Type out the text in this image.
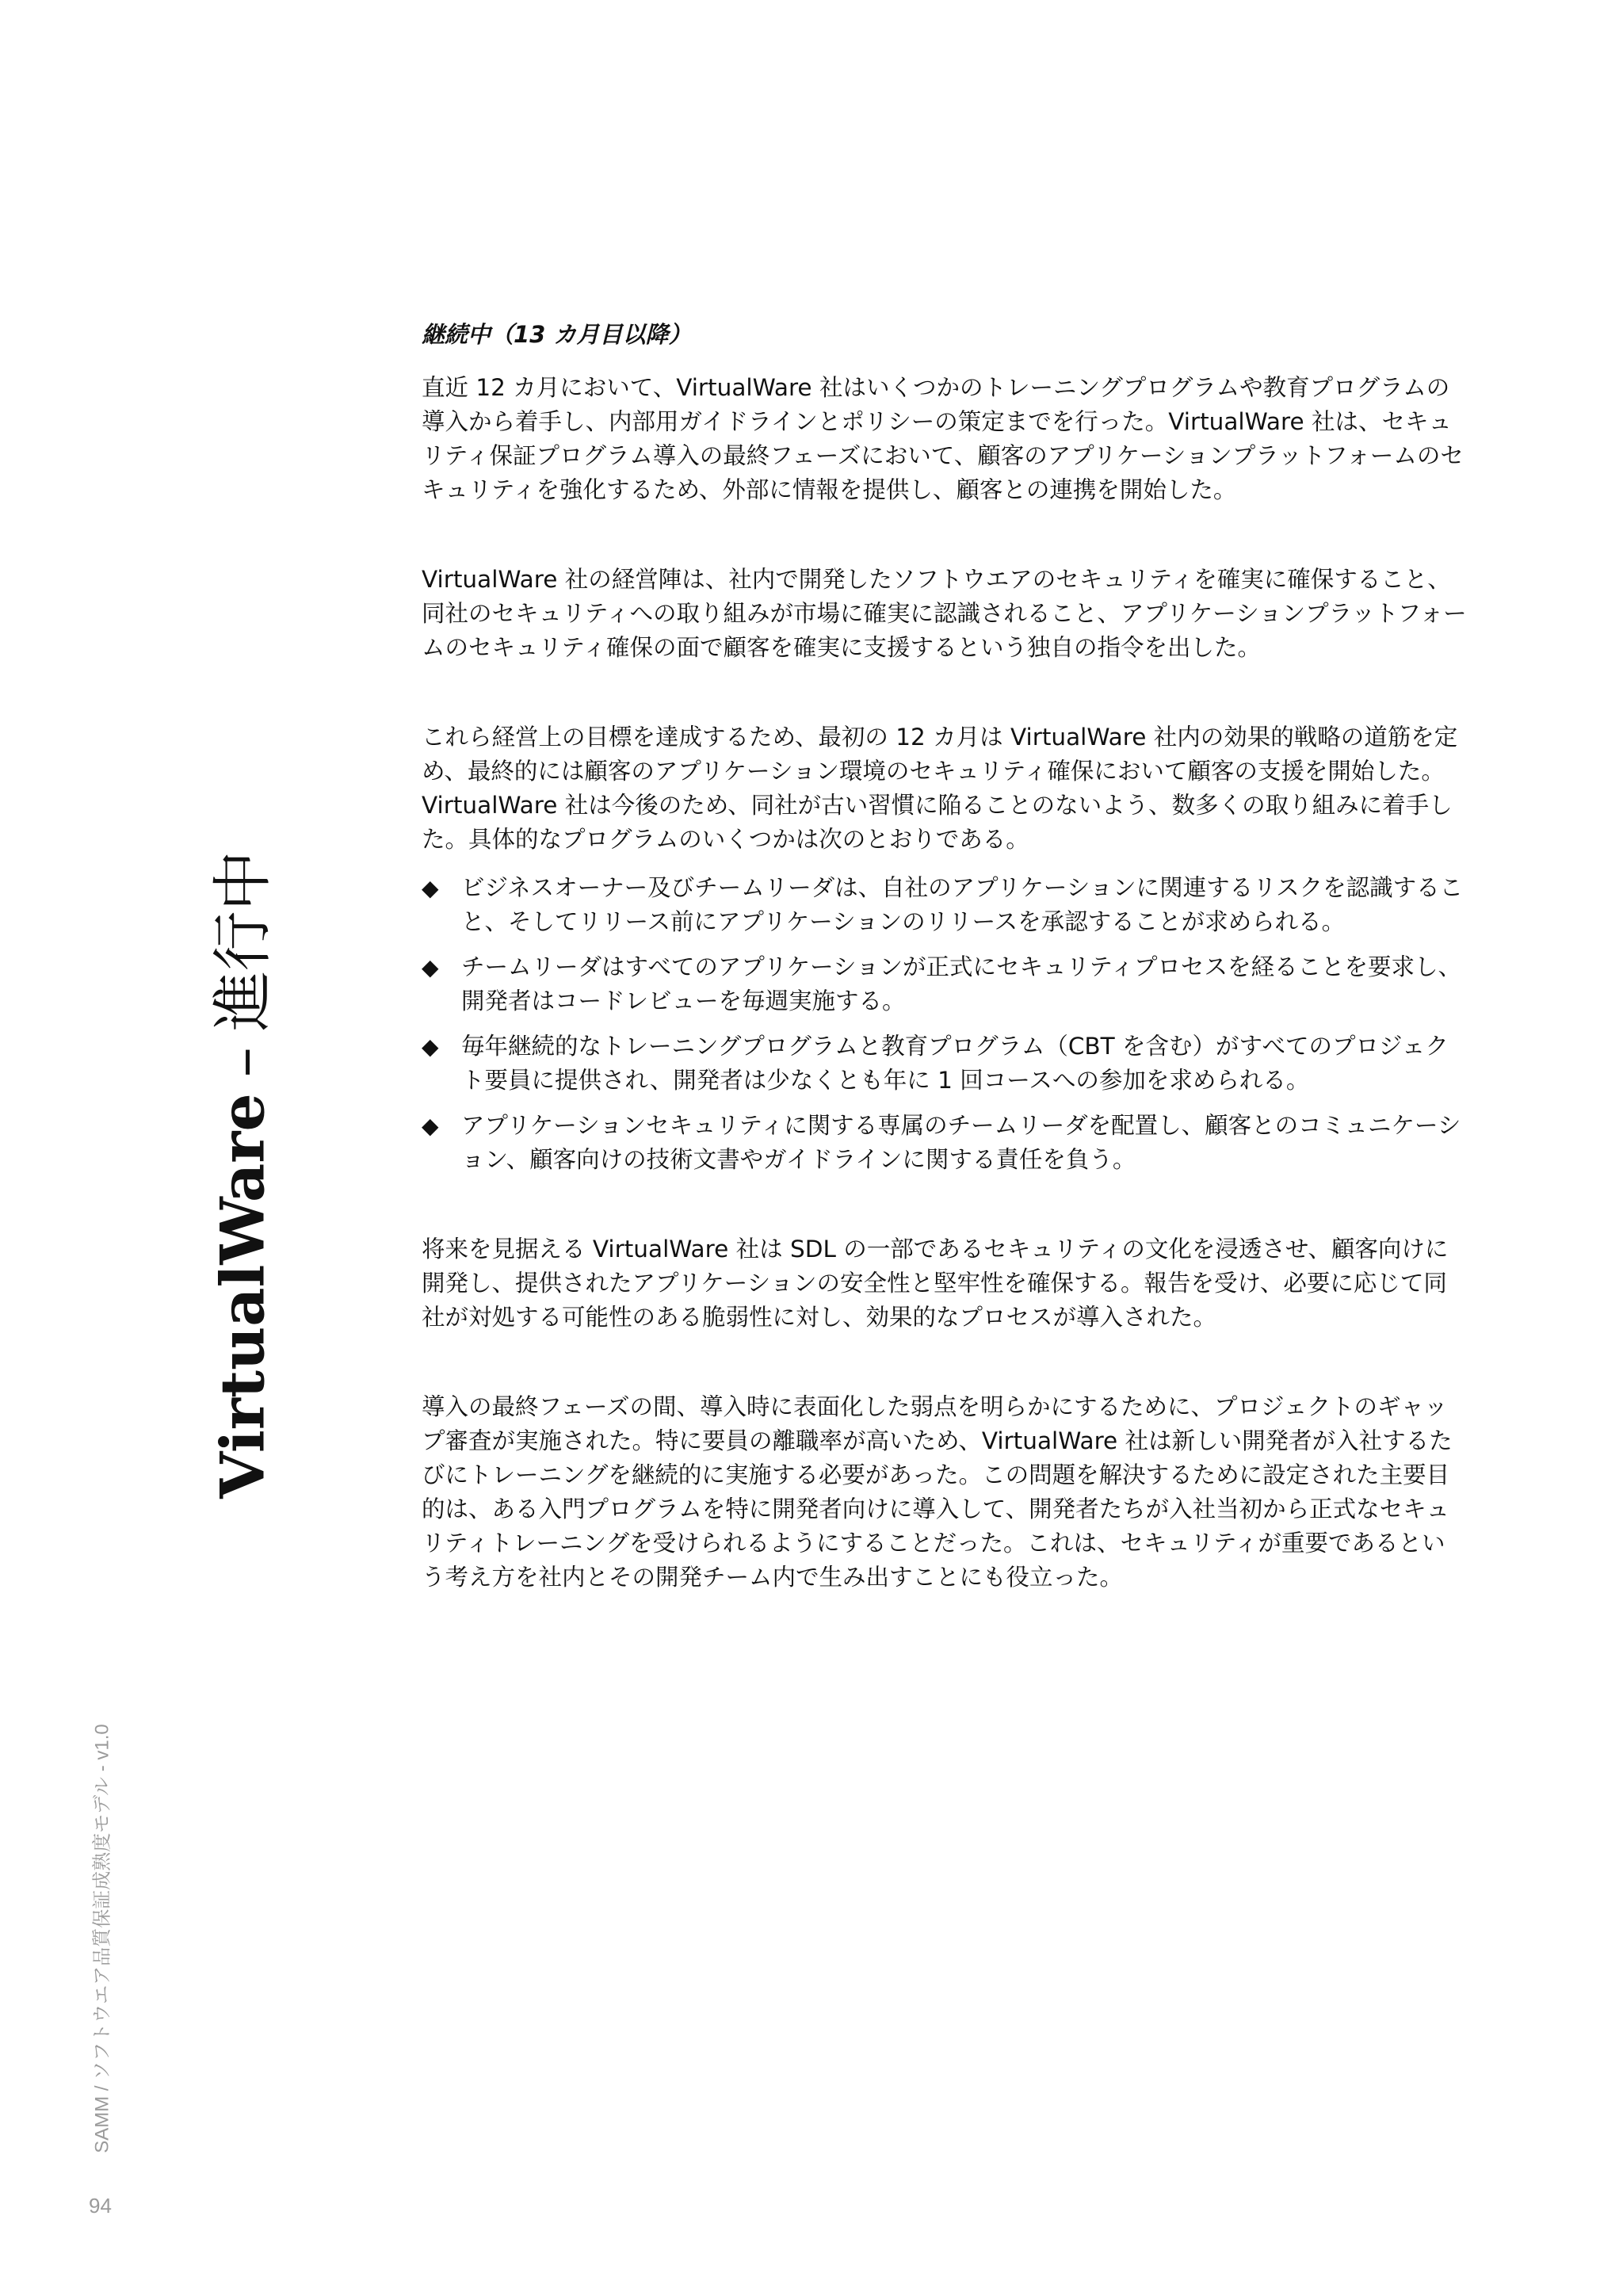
VirtualWare–進行中
SAMM / ソフトウエア品質保証成熟度モデル - v1.0
94
継続中（13 カ月目以降）

直近 12 カ月において、VirtualWare 社はいくつかのトレーニングプログラムや教育プログラムの導入から着手し、内部用ガイドラインとポリシーの策定までを行った。VirtualWare 社は、セキュリティ保証プログラム導入の最終フェーズにおいて、顧客のアプリケーションプラットフォームのセキュリティを強化するため、外部に情報を提供し、顧客との連携を開始した。

VirtualWare 社の経営陣は、社内で開発したソフトウエアのセキュリティを確実に確保すること、同社のセキュリティへの取り組みが市場に確実に認識されること、アプリケーションプラットフォームのセキュリティ確保の面で顧客を確実に支援するという独自の指令を出した。

これら経営上の目標を達成するため、最初の 12 カ月は VirtualWare 社内の効果的戦略の道筋を定め、最終的には顧客のアプリケーション環境のセキュリティ確保において顧客の支援を開始した。VirtualWare 社は今後のため、同社が古い習慣に陥ることのないよう、数多くの取り組みに着手した。具体的なプログラムのいくつかは次のとおりである。

◆ ビジネスオーナー及びチームリーダは、自社のアプリケーションに関連するリスクを認識すること、そしてリリース前にアプリケーションのリリースを承認することが求められる。
◆ チームリーダはすべてのアプリケーションが正式にセキュリティプロセスを経ることを要求し、開発者はコードレビューを毎週実施する。
◆ 毎年継続的なトレーニングプログラムと教育プログラム（CBT を含む）がすべてのプロジェクト要員に提供され、開発者は少なくとも年に 1 回コースへの参加を求められる。
◆ アプリケーションセキュリティに関する専属のチームリーダを配置し、顧客とのコミュニケーション、顧客向けの技術文書やガイドラインに関する責任を負う。

将来を見据える VirtualWare 社は SDL の一部であるセキュリティの文化を浸透させ、顧客向けに開発し、提供されたアプリケーションの安全性と堅牢性を確保する。報告を受け、必要に応じて同社が対処する可能性のある脆弱性に対し、効果的なプロセスが導入された。

導入の最終フェーズの間、導入時に表面化した弱点を明らかにするために、プロジェクトのギャップ審査が実施された。特に要員の離職率が高いため、VirtualWare 社は新しい開発者が入社するたびにトレーニングを継続的に実施する必要があった。この問題を解決するために設定された主要目的は、ある入門プログラムを特に開発者向けに導入して、開発者たちが入社当初から正式なセキュリティトレーニングを受けられるようにすることだった。これは、セキュリティが重要であるという考え方を社内とその開発チーム内で生み出すことにも役立った。
